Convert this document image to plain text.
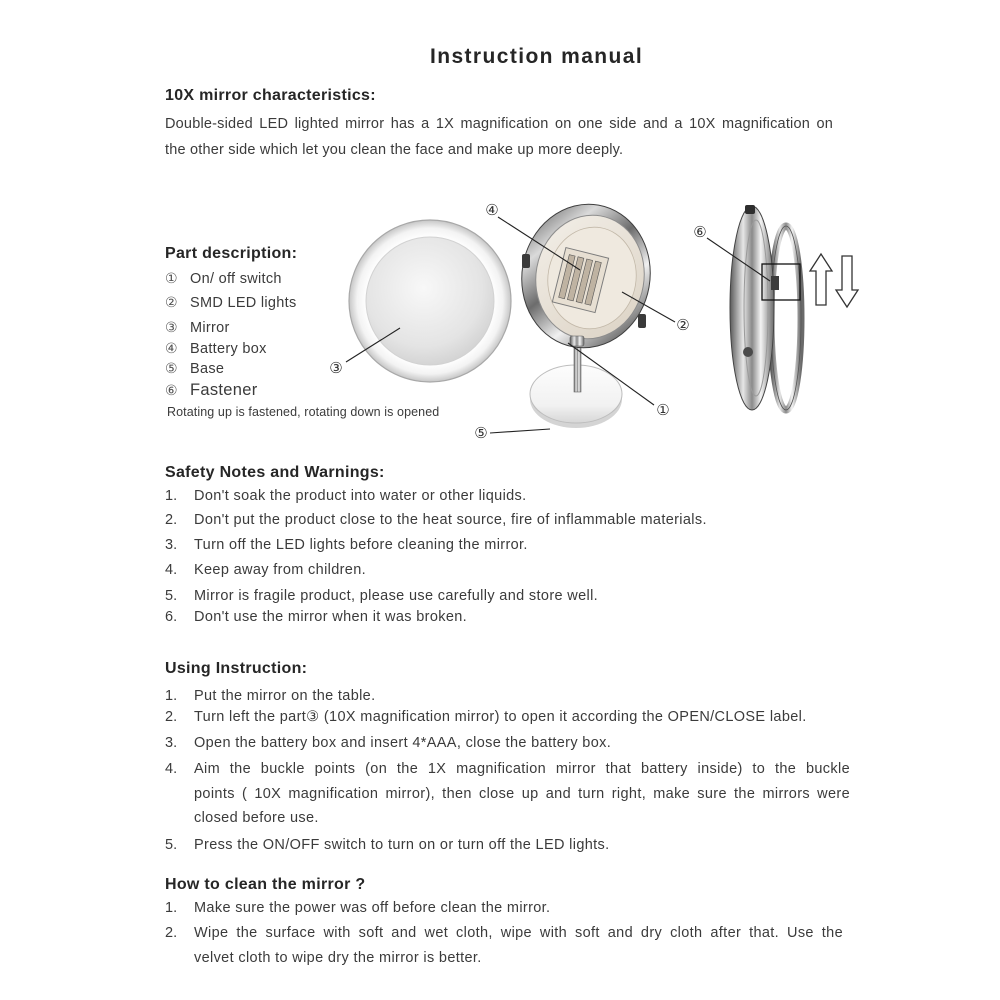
④
③
②
①
⑤
⑥
Instruction manual
10X mirror characteristics:
Double-sided LED lighted mirror has a 1X magnification on one side and a 10X magnification on
the other side which let you clean the face and make up more deeply.
Part description:
① On/ off switch
② SMD LED lights
③ Mirror
④ Battery box
⑤ Base
⑥ Fastener
Rotating up is fastened, rotating down is opened
Safety Notes and Warnings:
1. Don't soak the product into water or other liquids.
2. Don't put the product close to the heat source, fire of inflammable materials.
3. Turn off the LED lights before cleaning the mirror.
4. Keep away from children.
5. Mirror is fragile product, please use carefully and store well.
6. Don't use the mirror when it was broken.
Using Instruction:
1. Put the mirror on the table.
2. Turn left the part③ (10X magnification mirror) to open it according the OPEN/CLOSE label.
3. Open the battery box and insert 4*AAA, close the battery box.
4.	Aim the buckle points (on the 1X magnification mirror that battery inside) to the buckle
points ( 10X magnification mirror), then close up and turn right, make sure the mirrors were
closed before use.
5. Press the ON/OFF switch to turn on or turn off the LED lights.
How to clean the mirror ?
1. Make sure the power was off before clean the mirror.
2.	Wipe the surface with soft and wet cloth, wipe with soft and dry cloth after that. Use the
velvet cloth to wipe dry the mirror is better.
